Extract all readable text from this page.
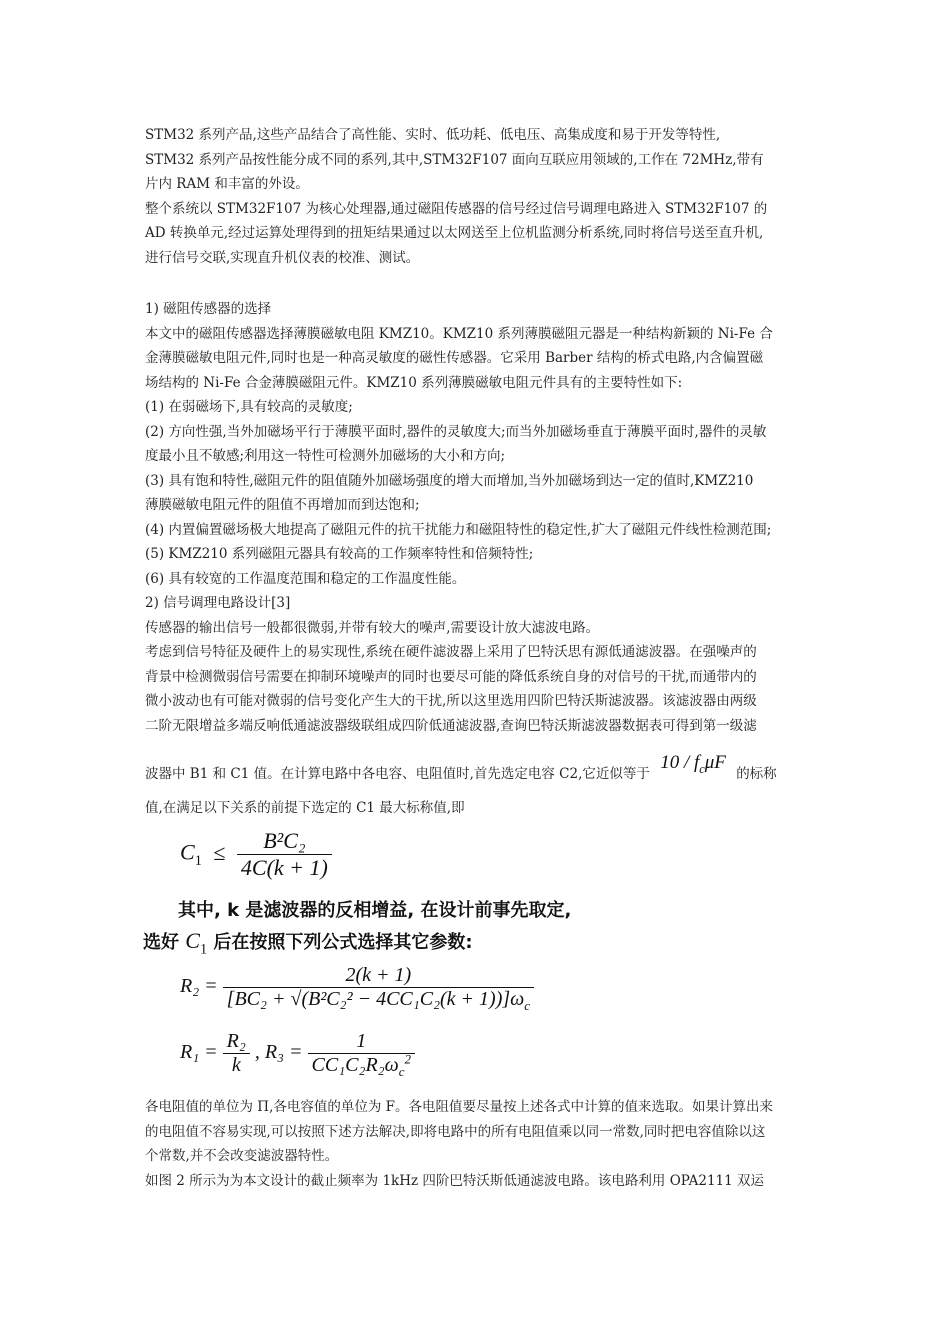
STM32 系列产品,这些产品结合了高性能、实时、低功耗、低电压、高集成度和易于开发等特性,
STM32 系列产品按性能分成不同的系列,其中,STM32F107 面向互联应用领域的,工作在 72MHz,带有
片内 RAM 和丰富的外设。
整个系统以 STM32F107 为核心处理器,通过磁阻传感器的信号经过信号调理电路进入 STM32F107 的
AD 转换单元,经过运算处理得到的扭矩结果通过以太网送至上位机监测分析系统,同时将信号送至直升机,
进行信号交联,实现直升机仪表的校准、测试。
1) 磁阻传感器的选择
本文中的磁阻传感器选择薄膜磁敏电阻 KMZ10。KMZ10 系列薄膜磁阻元器是一种结构新颖的 Ni-Fe 合
金薄膜磁敏电阻元件,同时也是一种高灵敏度的磁性传感器。它采用 Barber 结构的桥式电路,内含偏置磁
场结构的 Ni-Fe 合金薄膜磁阻元件。KMZ10 系列薄膜磁敏电阻元件具有的主要特性如下:
(1) 在弱磁场下,具有较高的灵敏度;
(2) 方向性强,当外加磁场平行于薄膜平面时,器件的灵敏度大;而当外加磁场垂直于薄膜平面时,器件的灵敏
度最小且不敏感;利用这一特性可检测外加磁场的大小和方向;
(3) 具有饱和特性,磁阻元件的阻值随外加磁场强度的增大而增加,当外加磁场到达一定的值时,KMZ210
薄膜磁敏电阻元件的阻值不再增加而到达饱和;
(4) 内置偏置磁场极大地提高了磁阻元件的抗干扰能力和磁阻特性的稳定性,扩大了磁阻元件线性检测范围;
(5) KMZ210 系列磁阻元器具有较高的工作频率特性和倍频特性;
(6) 具有较宽的工作温度范围和稳定的工作温度性能。
2) 信号调理电路设计[3]
传感器的输出信号一般都很微弱,并带有较大的噪声,需要设计放大滤波电路。
考虑到信号特征及硬件上的易实现性,系统在硬件滤波器上采用了巴特沃思有源低通滤波器。在强噪声的
背景中检测微弱信号需要在抑制环境噪声的同时也要尽可能的降低系统自身的对信号的干扰,而通带内的
微小波动也有可能对微弱的信号变化产生大的干扰,所以这里选用四阶巴特沃斯滤波器。该滤波器由两级
二阶无限增益多端反响低通滤波器级联组成四阶低通滤波器,查询巴特沃斯滤波器数据表可得到第一级滤
波器中 B1 和 C1 值。在计算电路中各电容、电阻值时,首先选定电容 C2,它近似等于 $10 / f_c\mu F$ 的标称
值,在满足以下关系的前提下选定的 C1 最大标称值,即
$C_1 \le \frac{\text{B²C₂}}{4C(k + 1)}$
其中, k 是滤波器的反相增益, 在设计前事先取定,
选好 $C_1$ 后在按照下列公式选择其它参数:
$R_2 = \frac{2(k + 1)}{[BC_2 + √(B^2C_2^2 - 4CC_1C_2(k + 1))]\omega_c}$
$R_1 = \frac{\text{R₂}}{k}$ , $R_3 = \frac{1}{CC_1C_2R_2\omega_c^2}$
各电阻值的单位为 Π,各电容值的单位为 F。各电阻值要尽量按上述各式中计算的值来选取。如果计算出来
的电阻值不容易实现,可以按照下述方法解决,即将电路中的所有电阻值乘以同一常数,同时把电容值除以这
个常数,并不会改变滤波器特性。
如图 2 所示为为本文设计的截止频率为 1kHz 四阶巴特沃斯低通滤波电路。该电路利用 OPA2111 双运
